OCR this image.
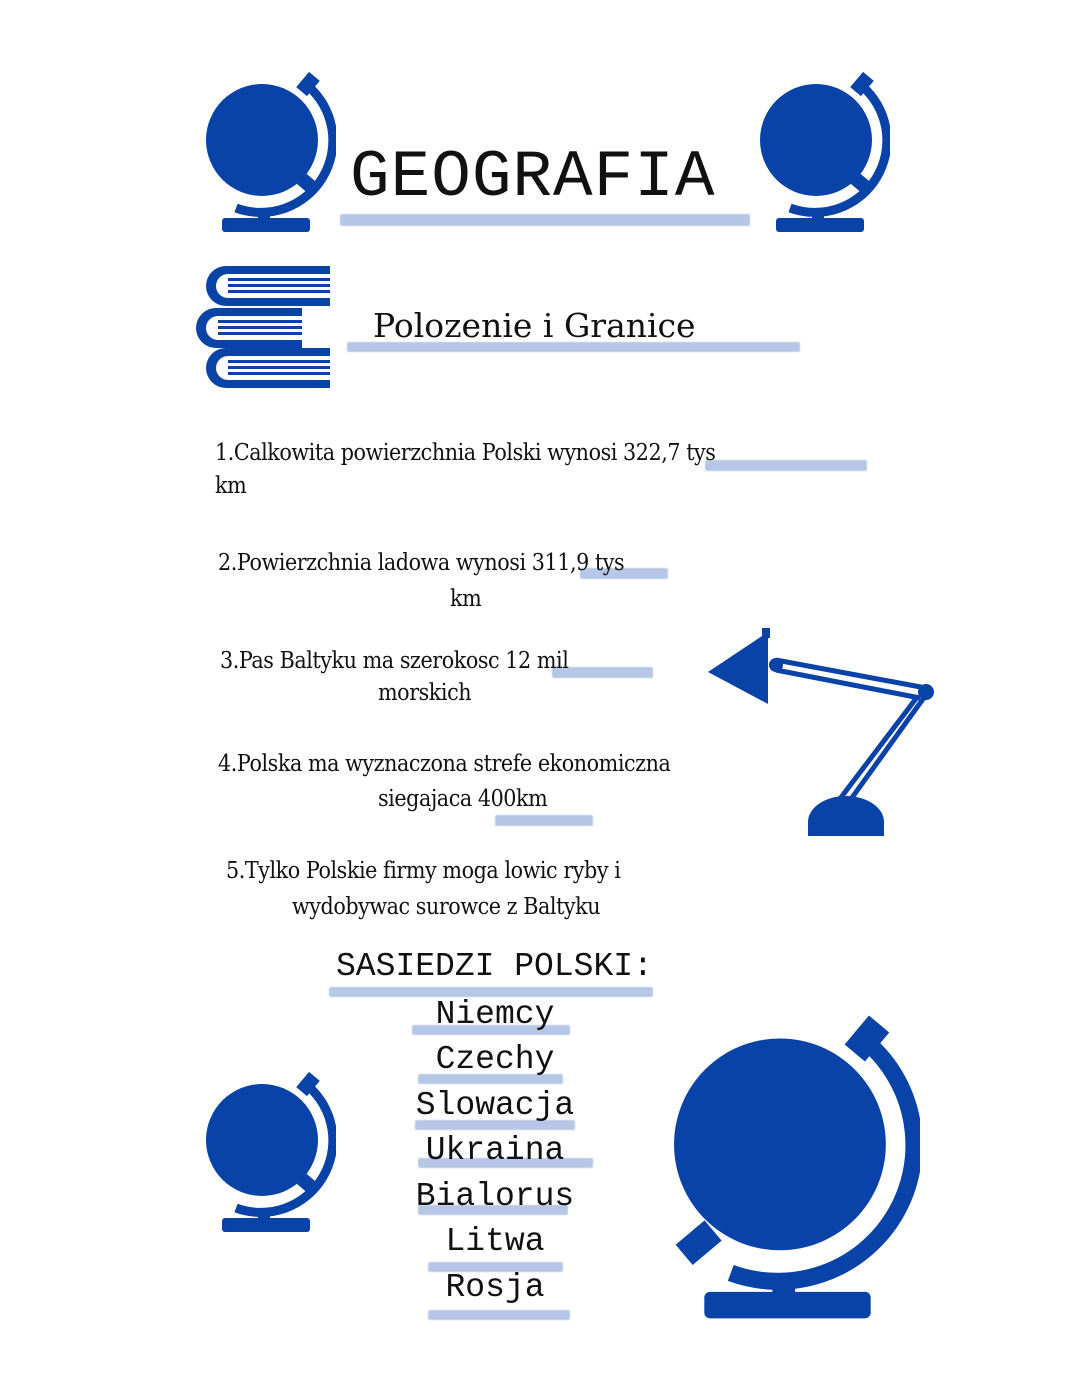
GEOGRAFIA
Polozenie i Granice
1.Calkowita powierzchnia Polski wynosi 322,7 tys
km
2.Powierzchnia ladowa wynosi 311,9 tys
km
3.Pas Baltyku ma szerokosc 12 mil
morskich
4.Polska ma wyznaczona strefe ekonomiczna
siegajaca 400km
5.Tylko Polskie firmy moga lowic ryby i
wydobywac surowce z Baltyku
SASIEDZI POLSKI:
Niemcy
Czechy
Slowacja
Ukraina
Bialorus
Litwa
Rosja
